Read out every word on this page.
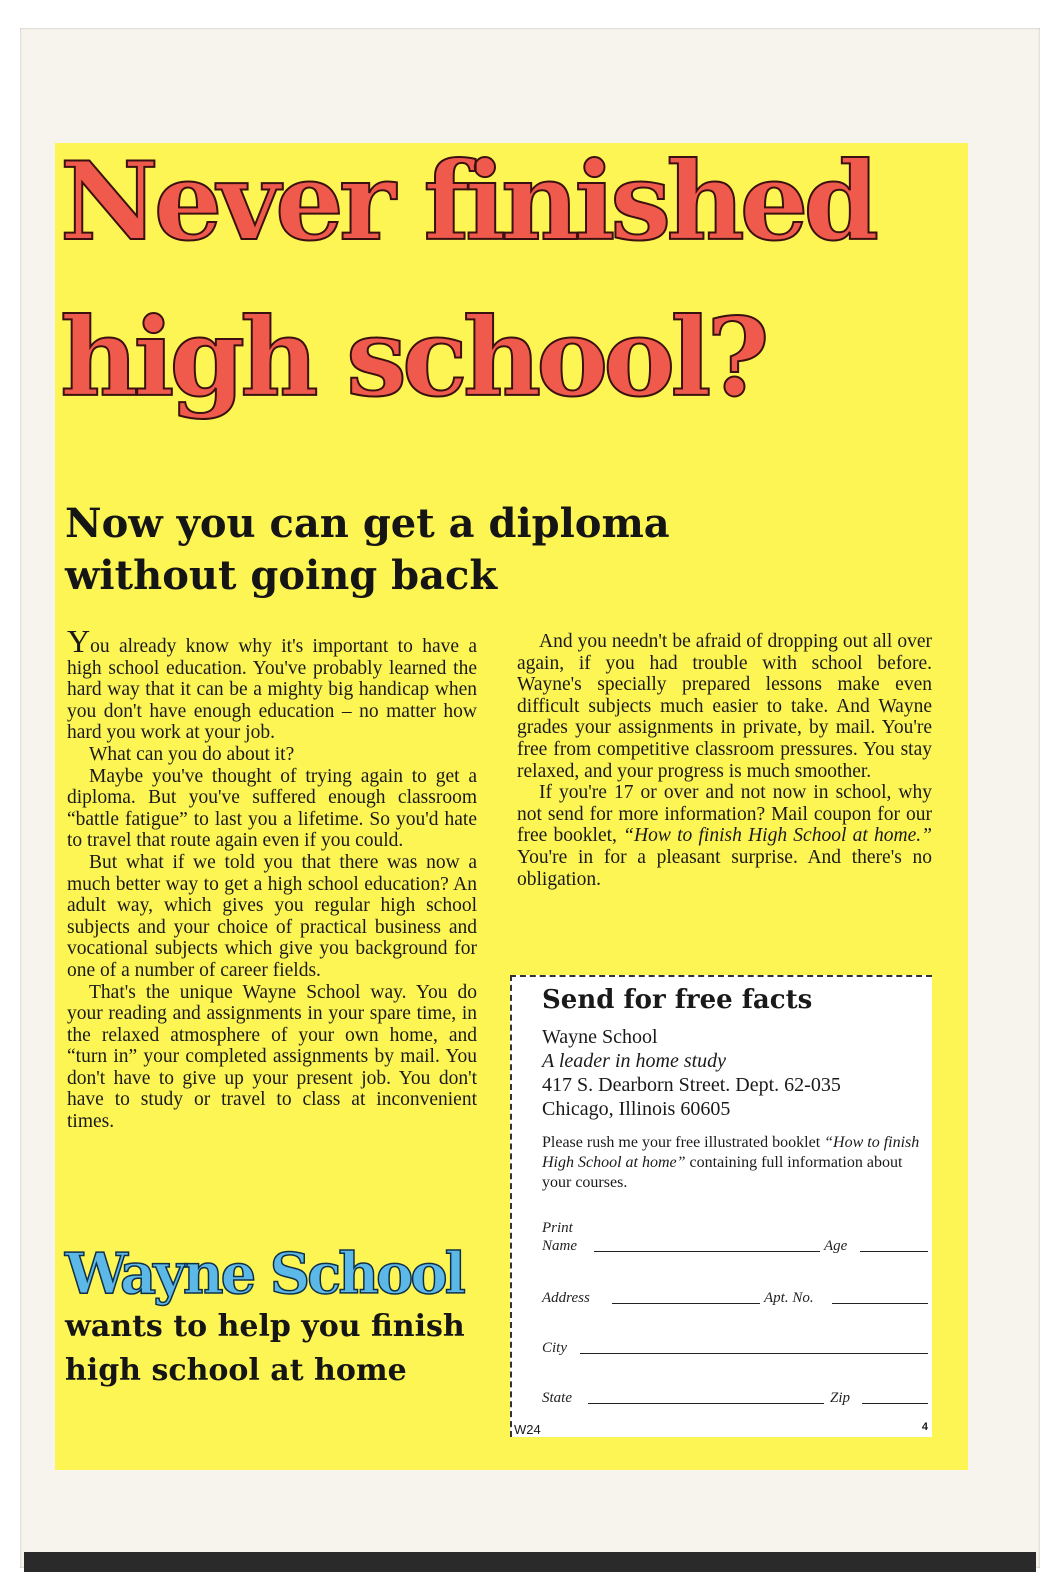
Never finished
high school?
Now you can get a diploma
without going back

You already know why it's important to have a high school education. You've probably learned the hard way that it can be a mighty big handicap when you don't have enough education – no matter how hard you work at your job.

What can you do about it?

Maybe you've thought of trying again to get a diploma. But you've suffered enough classroom “battle fatigue” to last you a lifetime. So you'd hate to travel that route again even if you could.

But what if we told you that there was now a much better way to get a high school education? An adult way, which gives you regular high school subjects and your choice of practical business and vocational subjects which give you background for one of a number of career fields.

That's the unique Wayne School way. You do your reading and assignments in your spare time, in the relaxed atmosphere of your own home, and “turn in” your completed assignments by mail. You don't have to give up your present job. You don't have to study or travel to class at inconvenient times.

And you needn't be afraid of dropping out all over again, if you had trouble with school before. Wayne's specially prepared lessons make even difficult subjects much easier to take. And Wayne grades your assignments in private, by mail. You're free from competitive classroom pressures. You stay relaxed, and your progress is much smoother.

If you're 17 or over and not now in school, why not send for more information? Mail coupon for our free booklet, “How to finish High School at home.” You're in for a pleasant surprise. And there's no obligation.

Wayne School
wants to help you finish
high school at home
Send for free facts
Wayne School
A leader in home study
417 S. Dearborn Street. Dept. 62-035
Chicago, Illinois 60605
Please rush me your free illustrated booklet “How to finish High School at home” containing full information about your courses.
Print
Name	Age
Address	Apt. No.
City
State	Zip
W24	4
